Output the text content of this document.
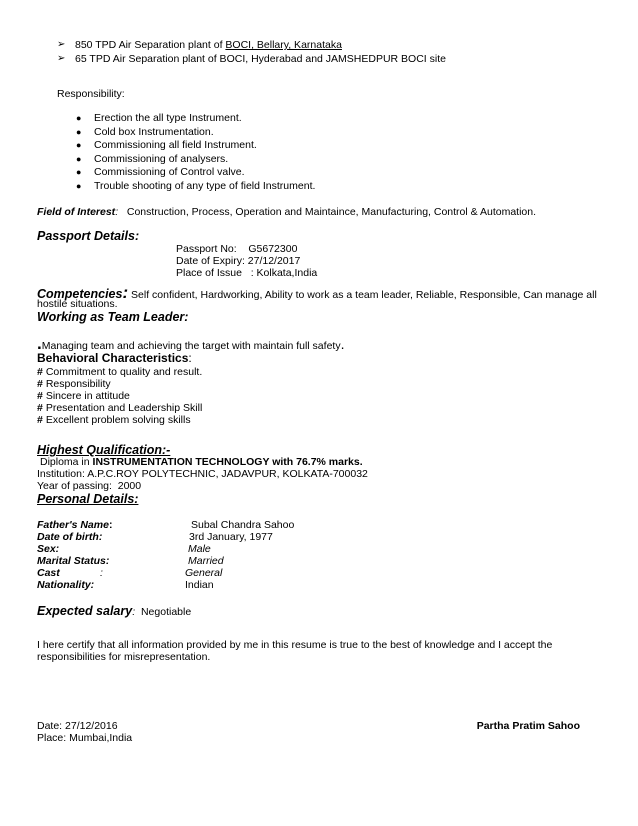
➢ 850 TPD Air Separation plant of BOCI, Bellary, Karnataka
➢ 65 TPD Air Separation plant of BOCI, Hyderabad and JAMSHEDPUR BOCI site
Responsibility:
● Erection the all type Instrument.
● Cold box Instrumentation.
● Commissioning all field Instrument.
● Commissioning of analysers.
● Commissioning of Control valve.
● Trouble shooting of any type of field Instrument.
Field of Interest: Construction, Process, Operation and Maintaince, Manufacturing, Control & Automation.
Passport Details:
Passport No:    G5672300
Date of Expiry: 27/12/2017
Place of Issue   : Kolkata,India
Competencies: Self confident, Hardworking, Ability to work as a team leader, Reliable, Responsible, Can manage all
hostile situations.
Working as Team Leader:
.Managing team and achieving the target with maintain full safety.
Behavioral Characteristics:
# Commitment to quality and result.
# Responsibility
# Sincere in attitude
# Presentation and Leadership Skill
# Excellent problem solving skills
Highest Qualification:-
Diploma in INSTRUMENTATION TECHNOLOGY with 76.7% marks.
Institution: A.P.C.ROY POLYTECHNIC, JADAVPUR, KOLKATA-700032
Year of passing:  2000
Personal Details:
Father's Name:	Subal Chandra Sahoo
Date of birth:	3rd January, 1977
Sex:	Male
Marital Status:	Married
Cast	:	General
Nationality:	Indian
Expected salary: Negotiable
I here certify that all information provided by me in this resume is true to the best of knowledge and I accept the
responsibilities for misrepresentation.
Date: 27/12/2016
Place: Mumbai,India
Partha Pratim Sahoo
